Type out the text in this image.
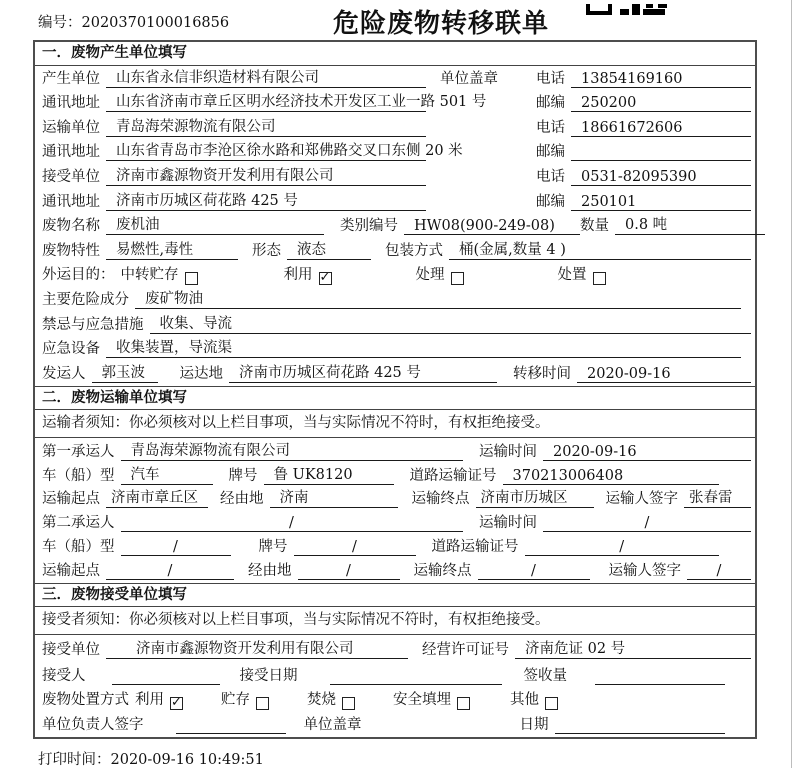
编号：2020370100016856	危险废物转移联单
一．废物产生单位填写
产生单位	山东省永信非织造材料有限公司	单位盖章	电话	13854169160
通讯地址	山东省济南市章丘区明水经济技术开发区工业一路 501 号	邮编	250200
运输单位	青岛海荣源物流有限公司	电话	18661672606
通讯地址	山东省青岛市李沧区徐水路和郑佛路交叉口东侧 20 米	邮编
接受单位	济南市鑫源物资开发利用有限公司	电话	0531-82095390
通讯地址	济南市历城区荷花路 425 号	邮编	250101
废物名称	废机油	类别编号	HW08(900-249-08)	数量	0.8 吨
废物特性	易燃性,毒性	形态	液态	包装方式	桶(金属,数量 4 )
外运目的： 中转贮存	利用 ✓	处理	处置
主要危险成分	废矿物油
禁忌与应急措施	收集、导流
应急设备	收集装置，导流渠
发运人	郭玉波	运达地	济南市历城区荷花路 425 号	转移时间	2020-09-16
二．废物运输单位填写
运输者须知：你必须核对以上栏目事项，当与实际情况不符时，有权拒绝接受。
第一承运人	青岛海荣源物流有限公司	运输时间	2020-09-16
车（船）型	汽车	牌号	鲁 UK8120	道路运输证号	370213006408
运输起点 济南市章丘区	经由地	济南	运输终点 济南市历城区	运输人签字 张春雷
第二承运人	/	运输时间	/
车（船）型	/	牌号	/	道路运输证号	/
运输起点	/	经由地	/	运输终点	/	运输人签字	/
三．废物接受单位填写
接受者须知：你必须核对以上栏目事项，当与实际情况不符时，有权拒绝接受。
接受单位	济南市鑫源物资开发利用有限公司	经营许可证号	济南危证 02 号
接受人	接受日期	签收量
废物处置方式 利用 ✓	贮存	焚烧	安全填埋	其他
单位负责人签字	单位盖章	日期
打印时间：2020-09-16 10:49:51
